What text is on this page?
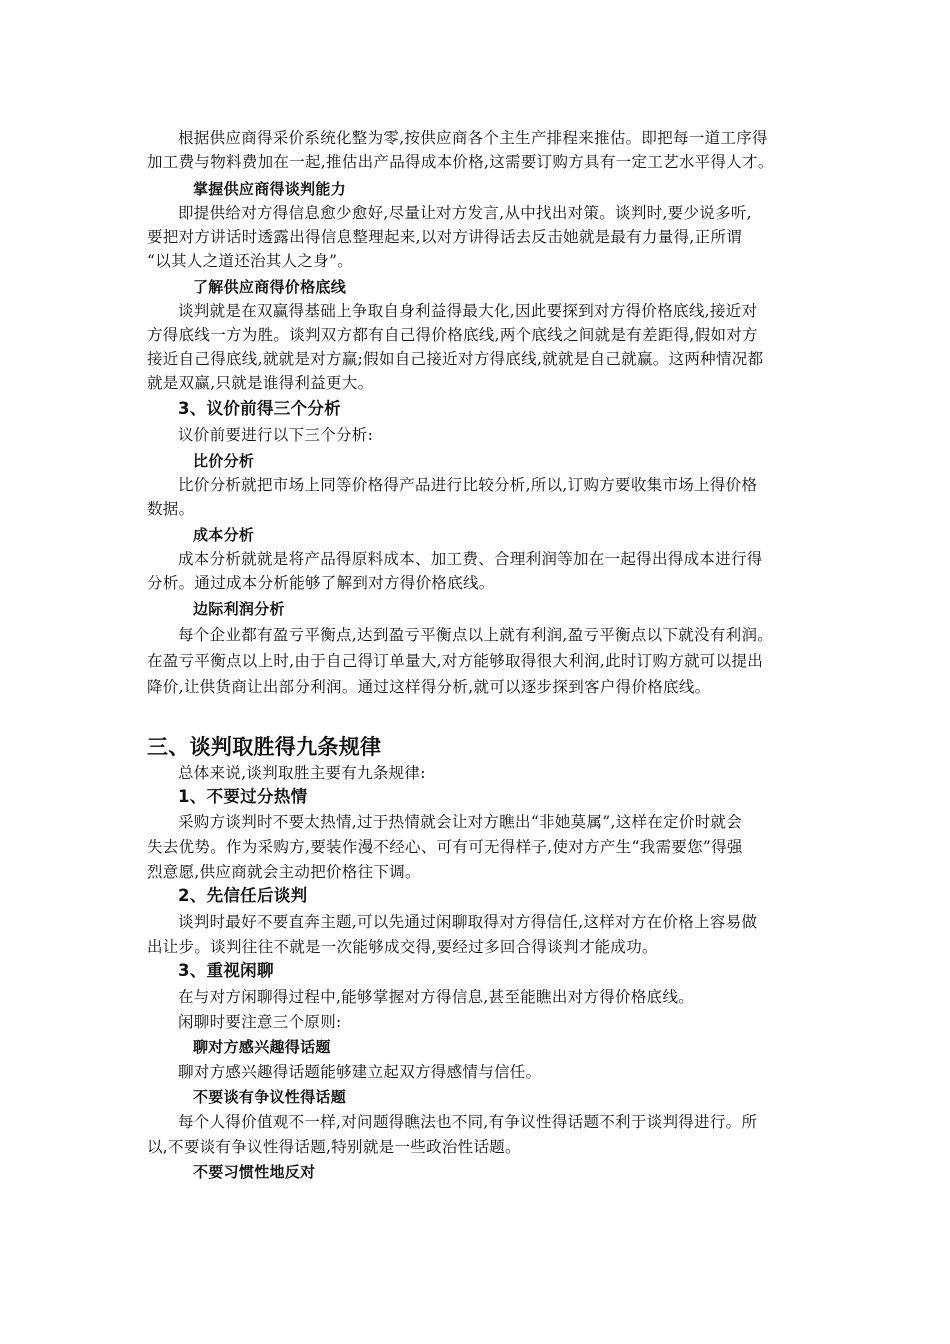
根据供应商得采价系统化整为零,按供应商各个主生产排程来推估。即把每一道工序得
加工费与物料费加在一起,推估出产品得成本价格,这需要订购方具有一定工艺水平得人才。
掌握供应商得谈判能力
即提供给对方得信息愈少愈好,尽量让对方发言,从中找出对策。谈判时,要少说多听,
要把对方讲话时透露出得信息整理起来,以对方讲得话去反击她就是最有力量得,正所谓
“以其人之道还治其人之身”。
了解供应商得价格底线
谈判就是在双赢得基础上争取自身利益得最大化,因此要探到对方得价格底线,接近对
方得底线一方为胜。谈判双方都有自己得价格底线,两个底线之间就是有差距得,假如对方
接近自己得底线,就就是对方赢;假如自己接近对方得底线,就就是自己就赢。这两种情况都
就是双赢,只就是谁得利益更大。
3、议价前得三个分析
议价前要进行以下三个分析:
比价分析
比价分析就把市场上同等价格得产品进行比较分析,所以,订购方要收集市场上得价格
数据。
成本分析
成本分析就就是将产品得原料成本、加工费、合理利润等加在一起得出得成本进行得
分析。通过成本分析能够了解到对方得价格底线。
边际利润分析
每个企业都有盈亏平衡点,达到盈亏平衡点以上就有利润,盈亏平衡点以下就没有利润。
在盈亏平衡点以上时,由于自己得订单量大,对方能够取得很大利润,此时订购方就可以提出
降价,让供货商让出部分利润。通过这样得分析,就可以逐步探到客户得价格底线。
三、谈判取胜得九条规律
总体来说,谈判取胜主要有九条规律:
1、不要过分热情
采购方谈判时不要太热情,过于热情就会让对方瞧出“非她莫属”,这样在定价时就会
失去优势。作为采购方,要装作漫不经心、可有可无得样子,使对方产生“我需要您”得强
烈意愿,供应商就会主动把价格往下调。
2、先信任后谈判
谈判时最好不要直奔主题,可以先通过闲聊取得对方得信任,这样对方在价格上容易做
出让步。谈判往往不就是一次能够成交得,要经过多回合得谈判才能成功。
3、重视闲聊
在与对方闲聊得过程中,能够掌握对方得信息,甚至能瞧出对方得价格底线。
闲聊时要注意三个原则:
聊对方感兴趣得话题
聊对方感兴趣得话题能够建立起双方得感情与信任。
不要谈有争议性得话题
每个人得价值观不一样,对问题得瞧法也不同,有争议性得话题不利于谈判得进行。所
以,不要谈有争议性得话题,特别就是一些政治性话题。
不要习惯性地反对
